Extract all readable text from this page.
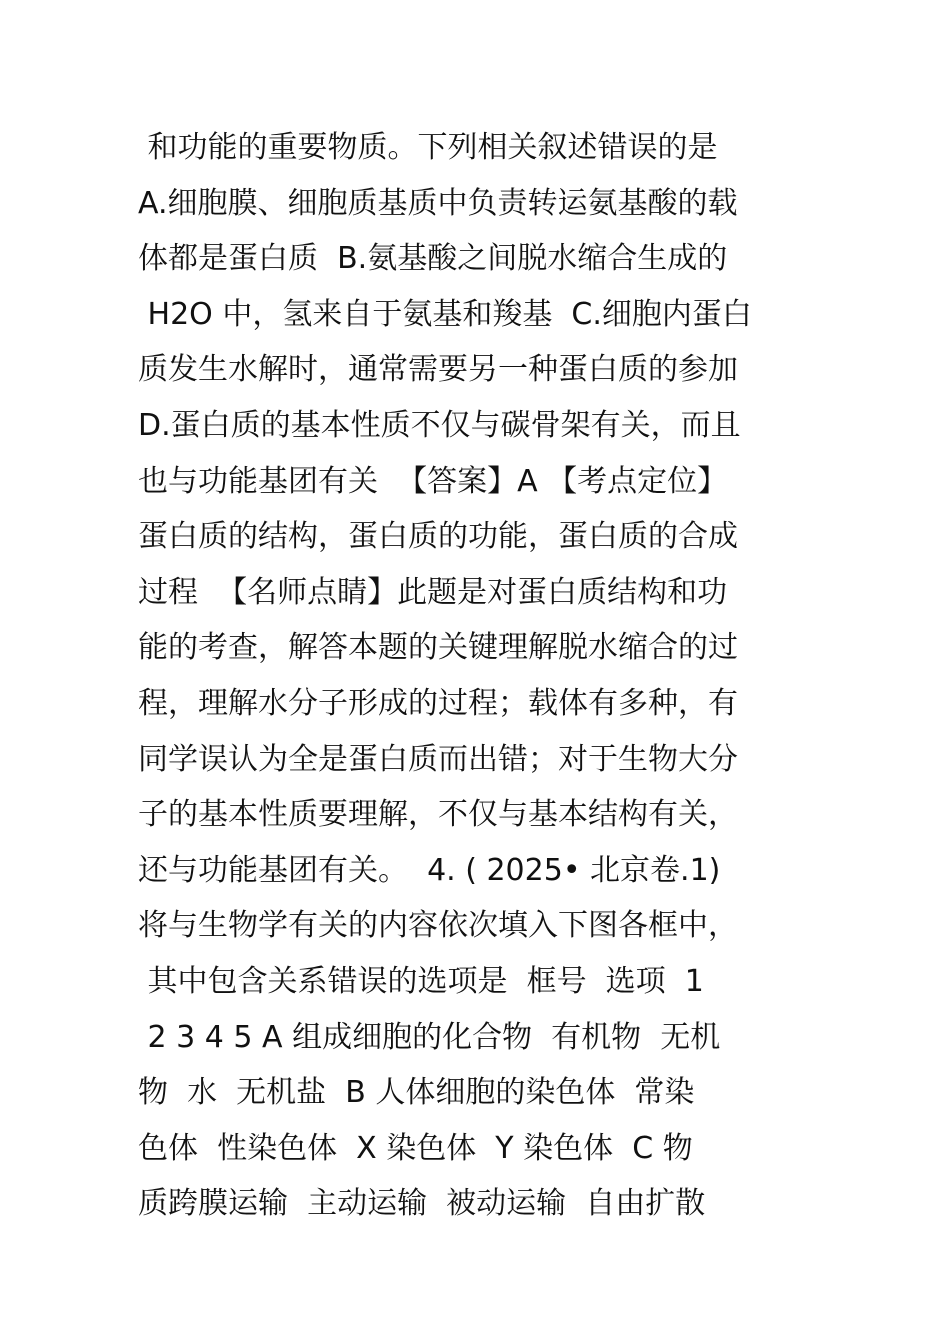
和功能的重要物质。下列相关叙述错误的是
A.细胞膜、细胞质基质中负责转运氨基酸的载
体都是蛋白质  B.氨基酸之间脱水缩合生成的
H2O 中，氢来自于氨基和羧基  C.细胞内蛋白
质发生水解时，通常需要另一种蛋白质的参加
D.蛋白质的基本性质不仅与碳骨架有关，而且
也与功能基团有关  【答案】A 【考点定位】
蛋白质的结构，蛋白质的功能，蛋白质的合成
过程  【名师点睛】此题是对蛋白质结构和功
能的考查，解答本题的关键理解脱水缩合的过
程，理解水分子形成的过程；载体有多种，有
同学误认为全是蛋白质而出错；对于生物大分
子的基本性质要理解，不仅与基本结构有关，
还与功能基团有关。  4. ( 2025• 北京卷.1)
将与生物学有关的内容依次填入下图各框中，
其中包含关系错误的选项是  框号  选项  1
2 3 4 5 A 组成细胞的化合物  有机物  无机
物  水  无机盐  B 人体细胞的染色体  常染
色体  性染色体  X 染色体  Y 染色体  C 物
质跨膜运输  主动运输  被动运输  自由扩散
